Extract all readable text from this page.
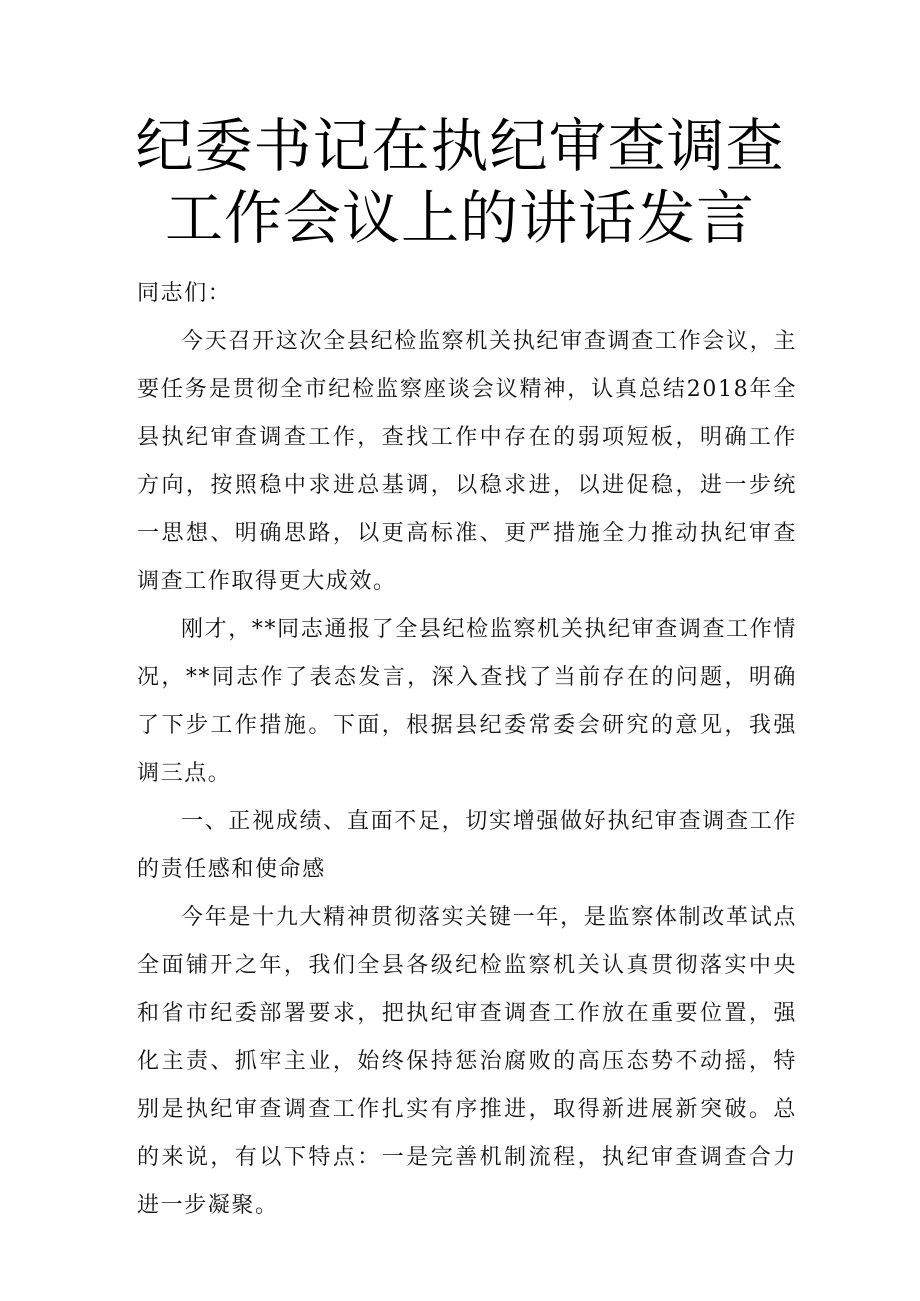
纪委书记在执纪审查调查
工作会议上的讲话发言

同志们：

今天召开这次全县纪检监察机关执纪审查调查工作会议，主要任务是贯彻全市纪检监察座谈会议精神，认真总结2018年全县执纪审查调查工作，查找工作中存在的弱项短板，明确工作方向，按照稳中求进总基调，以稳求进，以进促稳，进一步统一思想、明确思路，以更高标准、更严措施全力推动执纪审查调查工作取得更大成效。

刚才，**同志通报了全县纪检监察机关执纪审查调查工作情况，**同志作了表态发言，深入查找了当前存在的问题，明确了下步工作措施。下面，根据县纪委常委会研究的意见，我强调三点。

一、正视成绩、直面不足，切实增强做好执纪审查调查工作的责任感和使命感

今年是十九大精神贯彻落实关键一年，是监察体制改革试点全面铺开之年，我们全县各级纪检监察机关认真贯彻落实中央和省市纪委部署要求，把执纪审查调查工作放在重要位置，强化主责、抓牢主业，始终保持惩治腐败的高压态势不动摇，特别是执纪审查调查工作扎实有序推进，取得新进展新突破。总的来说，有以下特点：一是完善机制流程，执纪审查调查合力进一步凝聚。
